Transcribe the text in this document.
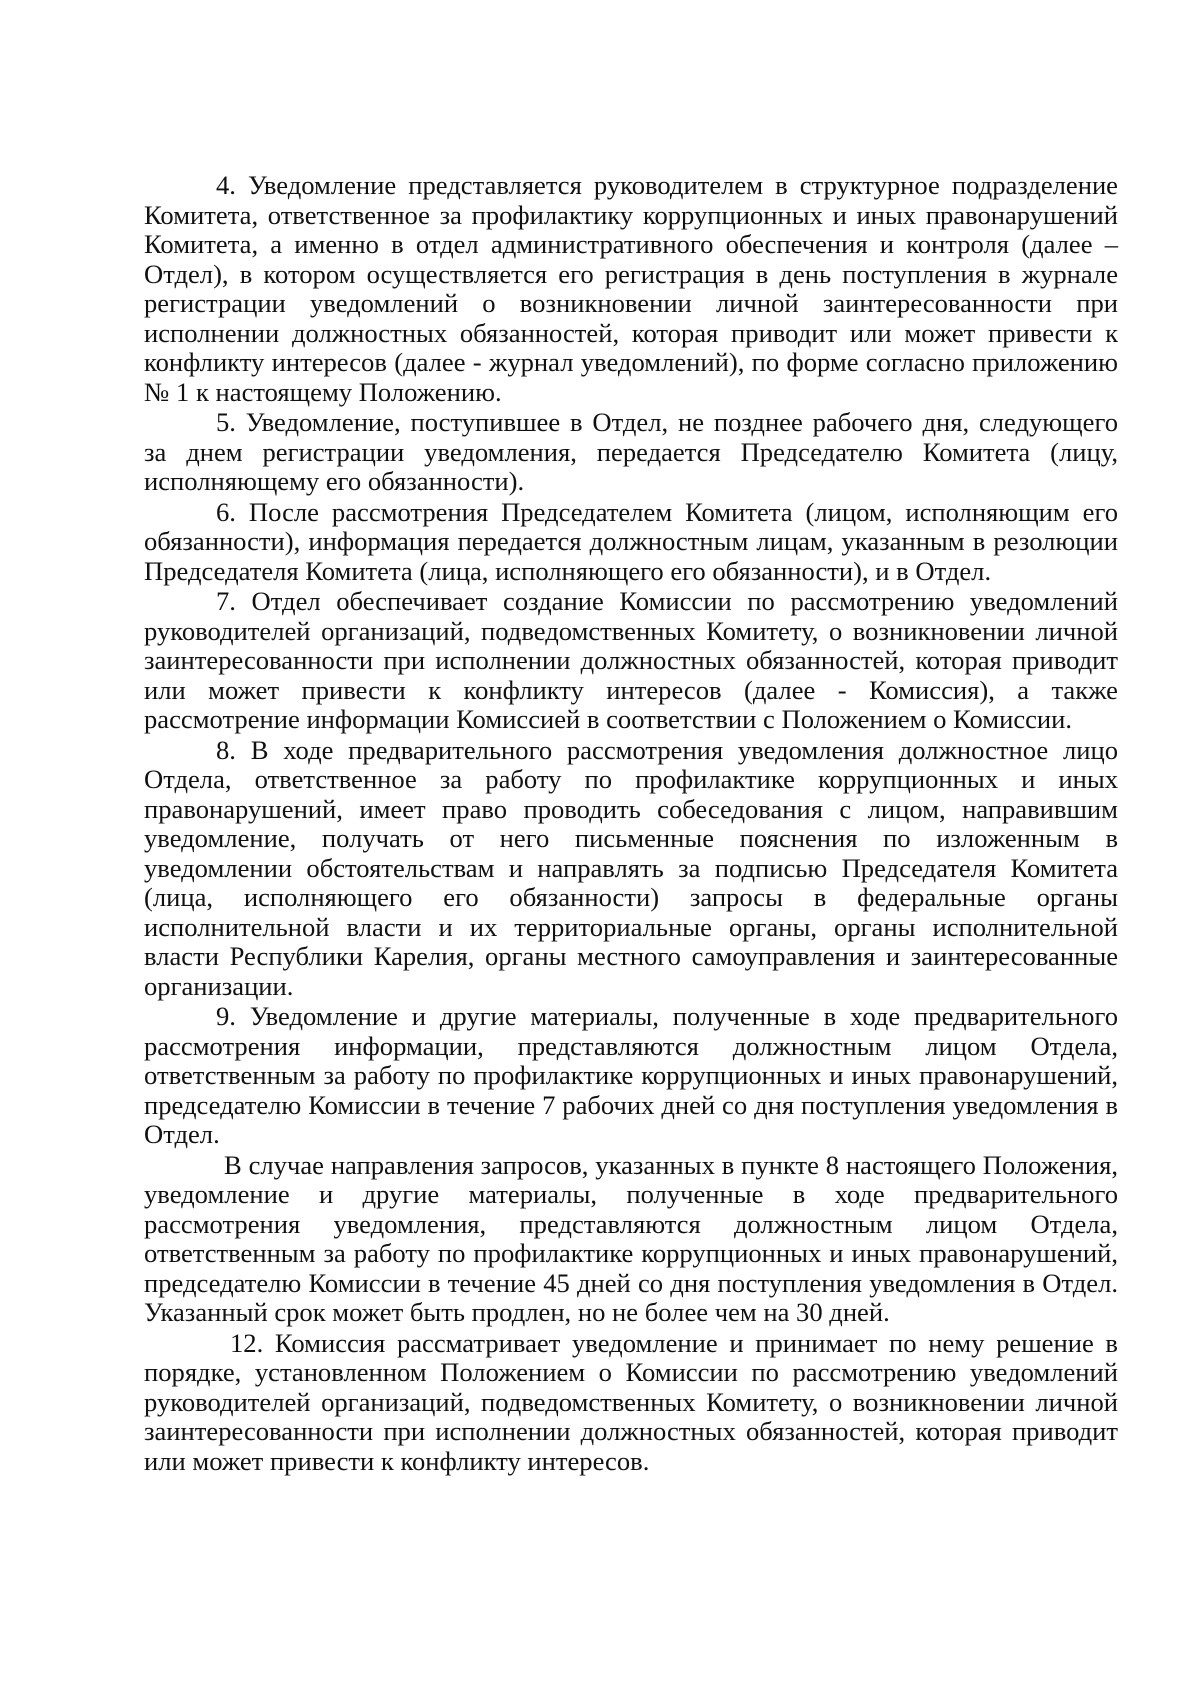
4. Уведомление представляется руководителем в структурное подразделение Комитета, ответственное за профилактику коррупционных и иных правонарушений Комитета, а именно в отдел административного обеспечения и контроля (далее – Отдел), в котором осуществляется его регистрация в день поступления в журнале регистрации уведомлений о возникновении личной заинтересованности при исполнении должностных обязанностей, которая приводит или может привести к конфликту интересов (далее - журнал уведомлений), по форме согласно приложению № 1 к настоящему Положению.

5. Уведомление, поступившее в Отдел, не позднее рабочего дня, следующего за днем регистрации уведомления, передается Председателю Комитета (лицу, исполняющему его обязанности).

6. После рассмотрения Председателем Комитета (лицом, исполняющим его обязанности), информация передается должностным лицам, указанным в резолюции Председателя Комитета (лица, исполняющего его обязанности), и в Отдел.

7. Отдел обеспечивает создание Комиссии по рассмотрению уведомлений руководителей организаций, подведомственных Комитету, о возникновении личной заинтересованности при исполнении должностных обязанностей, которая приводит или может привести к конфликту интересов (далее - Комиссия), а также рассмотрение информации Комиссией в соответствии с Положением о Комиссии.

8. В ходе предварительного рассмотрения уведомления должностное лицо Отдела, ответственное за работу по профилактике коррупционных и иных правонарушений, имеет право проводить собеседования с лицом, направившим уведомление, получать от него письменные пояснения по изложенным в уведомлении обстоятельствам и направлять за подписью Председателя Комитета (лица, исполняющего его обязанности) запросы в федеральные органы исполнительной власти и их территориальные органы, органы исполнительной власти Республики Карелия, органы местного самоуправления и заинтересованные организации.

9. Уведомление и другие материалы, полученные в ходе предварительного рассмотрения информации, представляются должностным лицом Отдела, ответственным за работу по профилактике коррупционных и иных правонарушений, председателю Комиссии в течение 7 рабочих дней со дня поступления уведомления в Отдел.

В случае направления запросов, указанных в пункте 8 настоящего Положения, уведомление и другие материалы, полученные в ходе предварительного рассмотрения уведомления, представляются должностным лицом Отдела, ответственным за работу по профилактике коррупционных и иных правонарушений, председателю Комиссии в течение 45 дней со дня поступления уведомления в Отдел. Указанный срок может быть продлен, но не более чем на 30 дней.

12. Комиссия рассматривает уведомление и принимает по нему решение в порядке, установленном Положением о Комиссии по рассмотрению уведомлений руководителей организаций, подведомственных Комитету, о возникновении личной заинтересованности при исполнении должностных обязанностей, которая приводит или может привести к конфликту интересов.
